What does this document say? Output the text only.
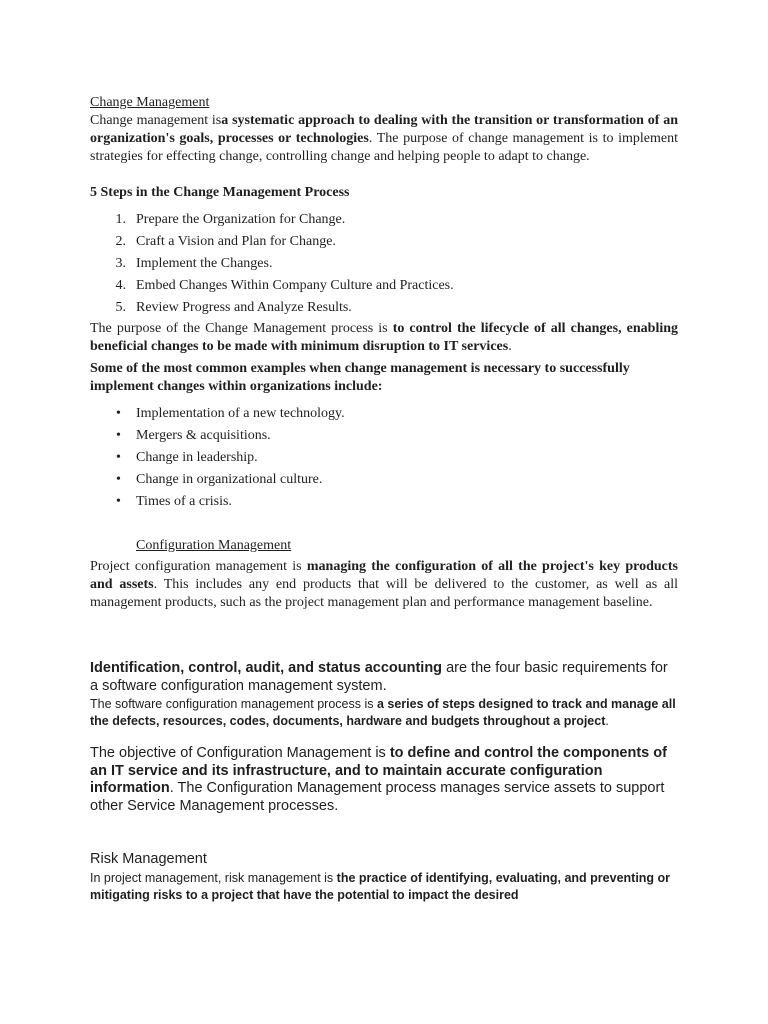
Change Management
Change management isa systematic approach to dealing with the transition or transformation of an organization's goals, processes or technologies. The purpose of change management is to implement strategies for effecting change, controlling change and helping people to adapt to change.
5 Steps in the Change Management Process
1. Prepare the Organization for Change.
2. Craft a Vision and Plan for Change.
3. Implement the Changes.
4. Embed Changes Within Company Culture and Practices.
5. Review Progress and Analyze Results.
The purpose of the Change Management process is to control the lifecycle of all changes, enabling beneficial changes to be made with minimum disruption to IT services.
Some of the most common examples when change management is necessary to successfully implement changes within organizations include:
• Implementation of a new technology.
• Mergers & acquisitions.
• Change in leadership.
• Change in organizational culture.
• Times of a crisis.
Configuration Management
Project configuration management is managing the configuration of all the project's key products and assets. This includes any end products that will be delivered to the customer, as well as all management products, such as the project management plan and performance management baseline.
Identification, control, audit, and status accounting are the four basic requirements for a software configuration management system.
The software configuration management process is a series of steps designed to track and manage all the defects, resources, codes, documents, hardware and budgets throughout a project.
The objective of Configuration Management is to define and control the components of an IT service and its infrastructure, and to maintain accurate configuration information. The Configuration Management process manages service assets to support other Service Management processes.
Risk Management
In project management, risk management is the practice of identifying, evaluating, and preventing or mitigating risks to a project that have the potential to impact the desired
